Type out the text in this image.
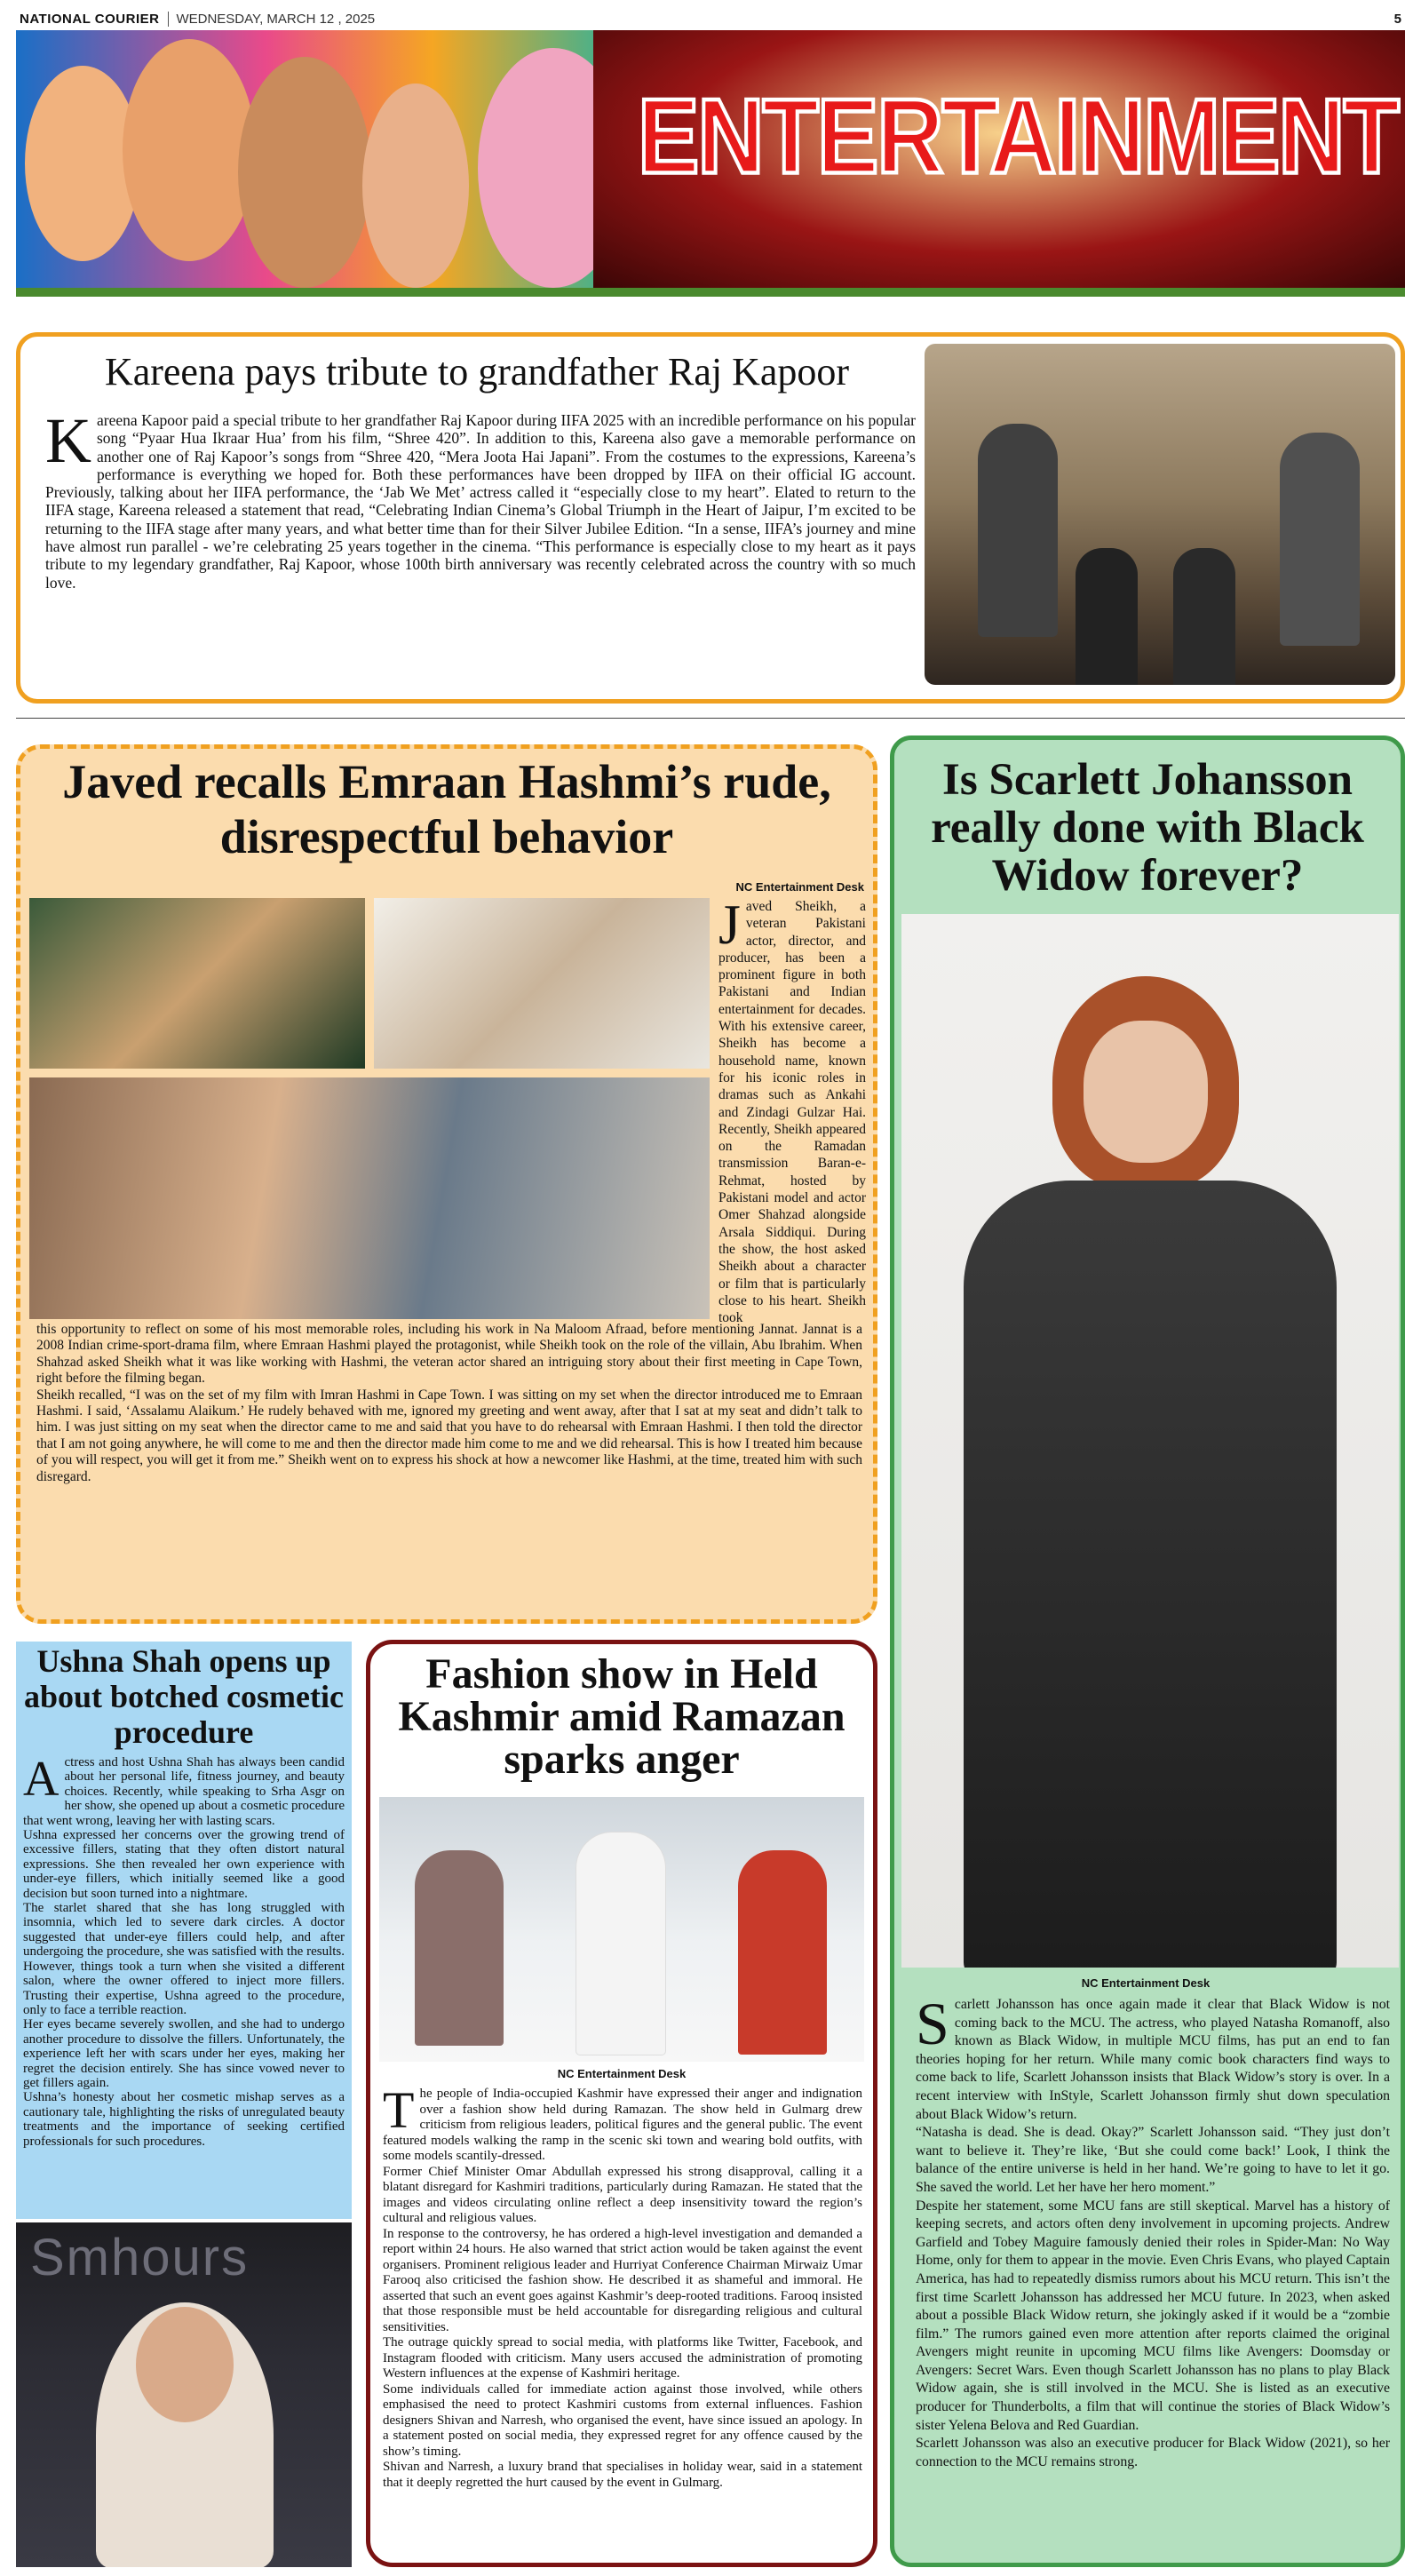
NATIONAL COURIER	WEDNESDAY, MARCH 12 , 2025	5
ENTERTAINMENT
Kareena pays tribute to grandfather Raj Kapoor
K areena Kapoor paid a special tribute to her grandfather Raj Kapoor during IIFA 2025 with an incredible performance on his popular song “Pyaar Hua Ikraar Hua’ from his film, “Shree 420”. In addition to this, Kareena also gave a memorable performance on another one of Raj Kapoor’s songs from “Shree 420, “Mera Joota Hai Japani”. From the costumes to the expressions, Kareena’s performance is everything we hoped for. Both these performances have been dropped by IIFA on their official IG account. Previously, talking about her IIFA performance, the ‘Jab We Met’ actress called it “especially close to my heart”. Elated to return to the IIFA stage, Kareena released a statement that read, “Celebrating Indian Cinema’s Global Triumph in the Heart of Jaipur, I’m excited to be returning to the IIFA stage after many years, and what better time than for their Silver Jubilee Edition. “In a sense, IIFA’s journey and mine have almost run parallel - we’re celebrating 25 years together in the cinema. “This performance is especially close to my heart as it pays tribute to my legendary grandfather, Raj Kapoor, whose 100th birth anniversary was recently celebrated across the country with so much love.
Javed recalls Emraan Hashmi’s rude, disrespectful behavior
NC Entertainment Desk
J aved Sheikh, a veteran Pakistani actor, director, and producer, has been a prominent figure in both Pakistani and Indian entertainment for decades. With his extensive career, Sheikh has become a household name, known for his iconic roles in dramas such as Ankahi and Zindagi Gulzar Hai. Recently, Sheikh appeared on the Ramadan transmission Baran-e-Rehmat, hosted by Pakistani model and actor Omer Shahzad alongside Arsala Siddiqui. During the show, the host asked Sheikh about a character or film that is particularly close to his heart. Sheikh took

this opportunity to reflect on some of his most memorable roles, including his work in Na Maloom Afraad, before mentioning Jannat. Jannat is a 2008 Indian crime-sport-drama film, where Emraan Hashmi played the protagonist, while Sheikh took on the role of the villain, Abu Ibrahim. When Shahzad asked Sheikh what it was like working with Hashmi, the veteran actor shared an intriguing story about their first meeting in Cape Town, right before the filming began.

Sheikh recalled, “I was on the set of my film with Imran Hashmi in Cape Town. I was sitting on my set when the director introduced me to Emraan Hashmi. I said, ‘Assalamu Alaikum.’ He rudely behaved with me, ignored my greeting and went away, after that I sat at my seat and didn’t talk to him. I was just sitting on my seat when the director came to me and said that you have to do rehearsal with Emraan Hashmi. I then told the director that I am not going anywhere, he will come to me and then the director made him come to me and we did rehearsal. This is how I treated him because of you will respect, you will get it from me.” Sheikh went on to express his shock at how a newcomer like Hashmi, at the time, treated him with such disregard.

Is Scarlett Johansson really done with Black Widow forever?
NC Entertainment Desk

Scarlett Johansson has once again made it clear that Black Widow is not coming back to the MCU. The actress, who played Natasha Romanoff, also known as Black Widow, in multiple MCU films, has put an end to fan theories hoping for her return. While many comic book characters find ways to come back to life, Scarlett Johansson insists that Black Widow’s story is over. In a recent interview with InStyle, Scarlett Johansson firmly shut down speculation about Black Widow’s return.

“Natasha is dead. She is dead. Okay?” Scarlett Johansson said. “They just don’t want to believe it. They’re like, ‘But she could come back!’ Look, I think the balance of the entire universe is held in her hand. We’re going to have to let it go. She saved the world. Let her have her hero moment.”

Despite her statement, some MCU fans are still skeptical. Marvel has a history of keeping secrets, and actors often deny involvement in upcoming projects. Andrew Garfield and Tobey Maguire famously denied their roles in Spider-Man: No Way Home, only for them to appear in the movie. Even Chris Evans, who played Captain America, has had to repeatedly dismiss rumors about his MCU return. This isn’t the first time Scarlett Johansson has addressed her MCU future. In 2023, when asked about a possible Black Widow return, she jokingly asked if it would be a “zombie film.” The rumors gained even more attention after reports claimed the original Avengers might reunite in upcoming MCU films like Avengers: Doomsday or Avengers: Secret Wars. Even though Scarlett Johansson has no plans to play Black Widow again, she is still involved in the MCU. She is listed as an executive producer for Thunderbolts, a film that will continue the stories of Black Widow’s sister Yelena Belova and Red Guardian.

Scarlett Johansson was also an executive producer for Black Widow (2021), so her connection to the MCU remains strong.

Ushna Shah opens up about botched cosmetic procedure

Actress and host Ushna Shah has always been candid about her personal life, fitness journey, and beauty choices. Recently, while speaking to Srha Asgr on her show, she opened up about a cosmetic procedure that went wrong, leaving her with lasting scars.

Ushna expressed her concerns over the growing trend of excessive fillers, stating that they often distort natural expressions. She then revealed her own experience with under-eye fillers, which initially seemed like a good decision but soon turned into a nightmare.

The starlet shared that she has long struggled with insomnia, which led to severe dark circles. A doctor suggested that under-eye fillers could help, and after undergoing the procedure, she was satisfied with the results. However, things took a turn when she visited a different salon, where the owner offered to inject more fillers. Trusting their expertise, Ushna agreed to the procedure, only to face a terrible reaction.

Her eyes became severely swollen, and she had to undergo another procedure to dissolve the fillers. Unfortunately, the experience left her with scars under her eyes, making her regret the decision entirely. She has since vowed never to get fillers again.

Ushna’s honesty about her cosmetic mishap serves as a cautionary tale, highlighting the risks of unregulated beauty treatments and the importance of seeking certified professionals for such procedures.

Smhours
Fashion show in Held Kashmir amid Ramazan sparks anger
NC Entertainment Desk

The people of India-occupied Kashmir have expressed their anger and indignation over a fashion show held during Ramazan. The show held in Gulmarg drew criticism from religious leaders, political figures and the general public. The event featured models walking the ramp in the scenic ski town and wearing bold outfits, with some models scantily-dressed.

Former Chief Minister Omar Abdullah expressed his strong disapproval, calling it a blatant disregard for Kashmiri traditions, particularly during Ramazan. He stated that the images and videos circulating online reflect a deep insensitivity toward the region’s cultural and religious values.

In response to the controversy, he has ordered a high-level investigation and demanded a report within 24 hours. He also warned that strict action would be taken against the event organisers. Prominent religious leader and Hurriyat Conference Chairman Mirwaiz Umar Farooq also criticised the fashion show. He described it as shameful and immoral. He asserted that such an event goes against Kashmir’s deep-rooted traditions. Farooq insisted that those responsible must be held accountable for disregarding religious and cultural sensitivities.

The outrage quickly spread to social media, with platforms like Twitter, Facebook, and Instagram flooded with criticism. Many users accused the administration of promoting Western influences at the expense of Kashmiri heritage.

Some individuals called for immediate action against those involved, while others emphasised the need to protect Kashmiri customs from external influences. Fashion designers Shivan and Narresh, who organised the event, have since issued an apology. In a statement posted on social media, they expressed regret for any offence caused by the show’s timing.

Shivan and Narresh, a luxury brand that specialises in holiday wear, said in a statement that it deeply regretted the hurt caused by the event in Gulmarg.
